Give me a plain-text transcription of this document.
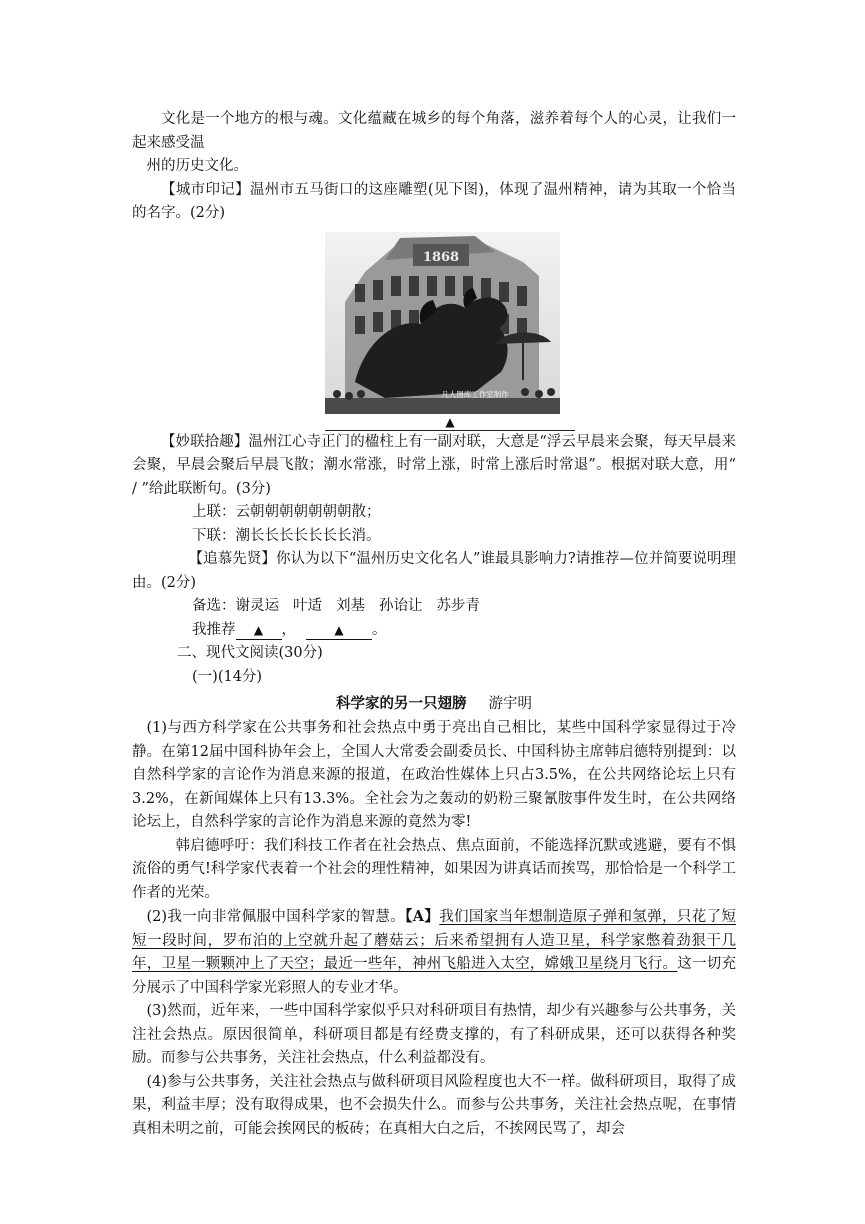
文化是一个地方的根与魂。文化蕴藏在城乡的每个角落，滋养着每个人的心灵，让我们一起来感受温

州的历史文化。

【城市印记】温州市五马街口的这座雕塑(见下图)，体现了温州精神，请为其取一个恰当的名字。(2分)

1868
凡人图库工作室制作
▲

【妙联拾趣】温州江心寺正门的楹柱上有一副对联，大意是“浮云早晨来会聚，每天早晨来会聚，早晨会聚后早晨飞散；潮水常涨，时常上涨，时常上涨后时常退”。根据对联大意，用“ / ”给此联断句。(3分)

上联：云朝朝朝朝朝朝朝散；

下联：潮长长长长长长长消。

【追慕先贤】你认为以下“温州历史文化名人”谁最具影响力?请推荐—位并简要说明理由。(2分)

备选：谢灵运 叶适 刘基 孙诒让 苏步青

我推荐 ▲ ，	▲ 。

二、现代文阅读(30分)

(一)(14分)

科学家的另一只翅膀 游宇明

(1)与西方科学家在公共事务和社会热点中勇于亮出自己相比，某些中国科学家显得过于冷静。在第12届中国科协年会上，全国人大常委会副委员长、中国科协主席韩启德特别提到：以自然科学家的言论作为消息来源的报道，在政治性媒体上只占3.5%，在公共网络论坛上只有3.2%，在新闻媒体上只有13.3%。全社会为之轰动的奶粉三聚氰胺事件发生时，在公共网络论坛上，自然科学家的言论作为消息来源的竟然为零!

韩启德呼吁：我们科技工作者在社会热点、焦点面前，不能选择沉默或逃避，要有不惧流俗的勇气!科学家代表着一个社会的理性精神，如果因为讲真话而挨骂，那恰恰是一个科学工作者的光荣。

(2)我一向非常佩服中国科学家的智慧。【A】我们国家当年想制造原子弹和氢弹，只花了短短一段时间，罗布泊的上空就升起了蘑菇云；后来希望拥有人造卫星，科学家憋着劲狠干几年，卫星一颗颗冲上了天空；最近一些年，神州飞船进入太空，嫦娥卫星绕月飞行。这一切充分展示了中国科学家光彩照人的专业才华。

(3)然而，近年来，一些中国科学家似乎只对科研项目有热情，却少有兴趣参与公共事务，关注社会热点。原因很简单，科研项目都是有经费支撑的，有了科研成果，还可以获得各种奖励。而参与公共事务，关注社会热点，什么利益都没有。

(4)参与公共事务，关注社会热点与做科研项目风险程度也大不一样。做科研项目，取得了成果，利益丰厚；没有取得成果，也不会损失什么。而参与公共事务，关注社会热点呢，在事情真相未明之前，可能会挨网民的板砖；在真相大白之后，不挨网民骂了，却会
